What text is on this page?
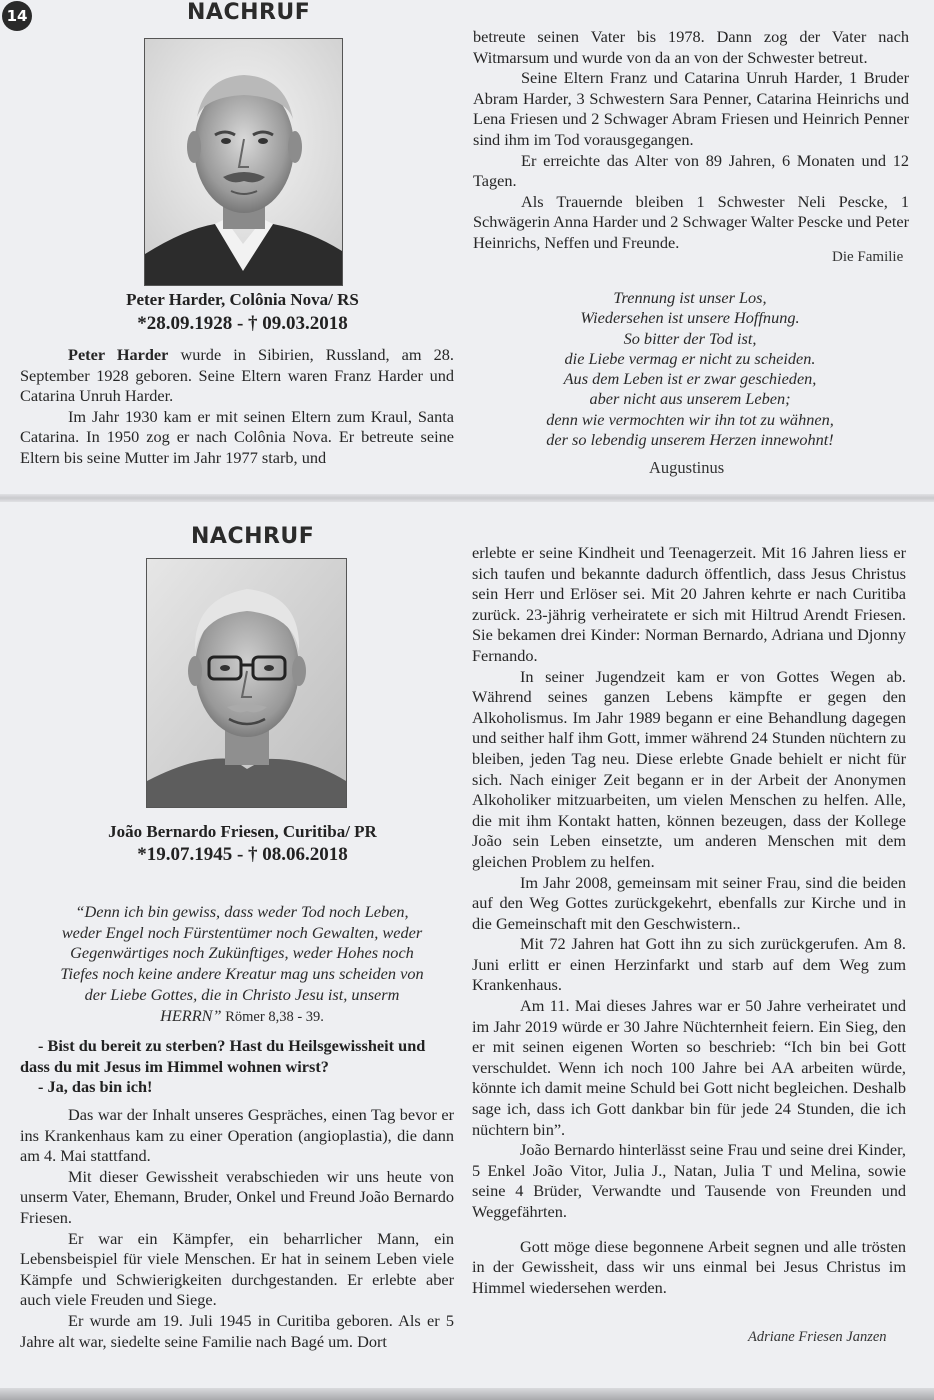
14	NACHRUF
Peter Harder, Colônia Nova/ RS
*28.09.1928 - † 09.03.2018

Peter Harder wurde in Sibirien, Russland, am 28. September 1928 geboren. Seine Eltern waren Franz Harder und Catarina Unruh Harder.

Im Jahr 1930 kam er mit seinen Eltern zum Kraul, Santa Catarina. In 1950 zog er nach Colônia Nova. Er betreute seine Eltern bis seine Mutter im Jahr 1977 starb, und

betreute seinen Vater bis 1978. Dann zog der Vater nach Witmarsum und wurde von da an von der Schwester betreut.

Seine Eltern Franz und Catarina Unruh Harder, 1 Bruder Abram Harder, 3 Schwestern Sara Penner, Catarina Heinrichs und Lena Friesen und 2 Schwager Abram Friesen und Heinrich Penner sind ihm im Tod vorausgegangen.

Er erreichte das Alter von 89 Jahren, 6 Monaten und 12 Tagen.

Als Trauernde bleiben 1 Schwester Neli Pescke, 1 Schwägerin Anna Harder und 2 Schwager Walter Pescke und Peter Heinrichs, Neffen und Freunde.

Die Familie
Trennung ist unser Los,
Wiedersehen ist unsere Hoffnung.
So bitter der Tod ist,
die Liebe vermag er nicht zu scheiden.
Aus dem Leben ist er zwar geschieden,
aber nicht aus unserem Leben;
denn wie vermochten wir ihn tot zu wähnen,
der so lebendig unserem Herzen innewohnt!
Augustinus
NACHRUF
João Bernardo Friesen, Curitiba/ PR
*19.07.1945 - † 08.06.2018
“Denn ich bin gewiss, dass weder Tod noch Leben,
weder Engel noch Fürstentümer noch Gewalten, weder
Gegenwärtiges noch Zukünftiges, weder Hohes noch
Tiefes noch keine andere Kreatur mag uns scheiden von
der Liebe Gottes, die in Christo Jesu ist, unserm
HERRN” Römer 8,38 - 39.
- Bist du bereit zu sterben? Hast du Heilsgewissheit und dass du mit Jesus im Himmel wohnen wirst?
- Ja, das bin ich!

Das war der Inhalt unseres Gespräches, einen Tag bevor er ins Krankenhaus kam zu einer Operation (angioplastia), die dann am 4. Mai stattfand.

Mit dieser Gewissheit verabschieden wir uns heute von unserm Vater, Ehemann, Bruder, Onkel und Freund João Bernardo Friesen.

Er war ein Kämpfer, ein beharrlicher Mann, ein Lebensbeispiel für viele Menschen. Er hat in seinem Leben viele Kämpfe und Schwierigkeiten durchgestanden. Er erlebte aber auch viele Freuden und Siege.

Er wurde am 19. Juli 1945 in Curitiba geboren. Als er 5 Jahre alt war, siedelte seine Familie nach Bagé um. Dort

erlebte er seine Kindheit und Teenagerzeit. Mit 16 Jahren liess er sich taufen und bekannte dadurch öffentlich, dass Jesus Christus sein Herr und Erlöser sei. Mit 20 Jahren kehrte er nach Curitiba zurück. 23-jährig verheiratete er sich mit Hiltrud Arendt Friesen. Sie bekamen drei Kinder: Norman Bernardo, Adriana und Djonny Fernando.

In seiner Jugendzeit kam er von Gottes Wegen ab. Während seines ganzen Lebens kämpfte er gegen den Alkoholismus. Im Jahr 1989 begann er eine Behandlung dagegen und seither half ihm Gott, immer während 24 Stunden nüchtern zu bleiben, jeden Tag neu. Diese erlebte Gnade behielt er nicht für sich. Nach einiger Zeit begann er in der Arbeit der Anonymen Alkoholiker mitzuarbeiten, um vielen Menschen zu helfen. Alle, die mit ihm Kontakt hatten, können bezeugen, dass der Kollege João sein Leben einsetzte, um anderen Menschen mit dem gleichen Problem zu helfen.

Im Jahr 2008, gemeinsam mit seiner Frau, sind die beiden auf den Weg Gottes zurückgekehrt, ebenfalls zur Kirche und in die Gemeinschaft mit den Geschwistern..

Mit 72 Jahren hat Gott ihn zu sich zurückgerufen. Am 8. Juni erlitt er einen Herzinfarkt und starb auf dem Weg zum Krankenhaus.

Am 11. Mai dieses Jahres war er 50 Jahre verheiratet und im Jahr 2019 würde er 30 Jahre Nüchternheit feiern. Ein Sieg, den er mit seinen eigenen Worten so beschrieb: “Ich bin bei Gott verschuldet. Wenn ich noch 100 Jahre bei AA arbeiten würde, könnte ich damit meine Schuld bei Gott nicht begleichen. Deshalb sage ich, dass ich Gott dankbar bin für jede 24 Stunden, die ich nüchtern bin”.

João Bernardo hinterlässt seine Frau und seine drei Kinder, 5 Enkel João Vitor, Julia J., Natan, Julia T und Melina, sowie seine 4 Brüder, Verwandte und Tausende von Freunden und Weggefährten.

Gott möge diese begonnene Arbeit segnen und alle trösten in der Gewissheit, dass wir uns einmal bei Jesus Christus im Himmel wiedersehen werden.

Adriane Friesen Janzen
